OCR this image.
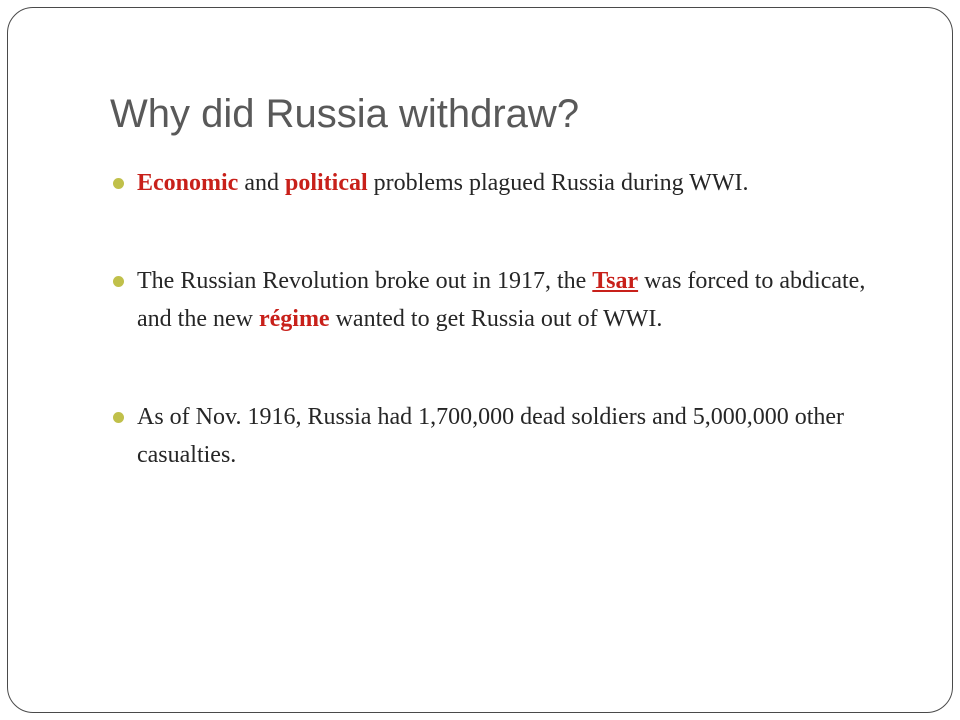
Why did Russia withdraw?
Economic and political problems plagued Russia during WWI.
The Russian Revolution broke out in 1917, the Tsar was forced to abdicate, and the new régime wanted to get Russia out of WWI.
As of Nov. 1916, Russia had 1,700,000 dead soldiers and 5,000,000 other casualties.
